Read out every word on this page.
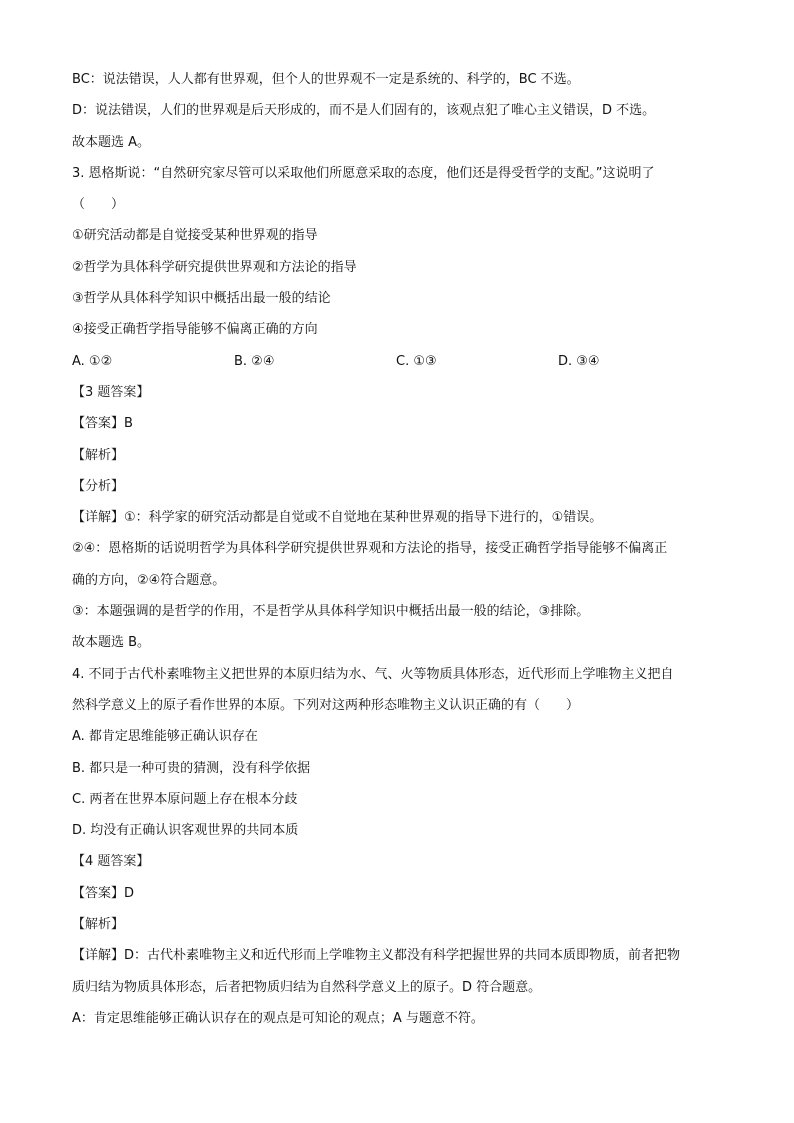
BC：说法错误，人人都有世界观，但个人的世界观不一定是系统的、科学的，BC 不选。
D：说法错误，人们的世界观是后天形成的，而不是人们固有的，该观点犯了唯心主义错误，D 不选。
故本题选 A。
3. 恩格斯说：“自然研究家尽管可以采取他们所愿意采取的态度，他们还是得受哲学的支配。”这说明了
（　　）
①研究活动都是自觉接受某种世界观的指导
②哲学为具体科学研究提供世界观和方法论的指导
③哲学从具体科学知识中概括出最一般的结论
④接受正确哲学指导能够不偏离正确的方向
A. ①②	B. ②④	C. ①③	D. ③④
【3 题答案】
【答案】B
【解析】
【分析】
【详解】①：科学家的研究活动都是自觉或不自觉地在某种世界观的指导下进行的，①错误。
②④：恩格斯的话说明哲学为具体科学研究提供世界观和方法论的指导，接受正确哲学指导能够不偏离正
确的方向，②④符合题意。
③：本题强调的是哲学的作用，不是哲学从具体科学知识中概括出最一般的结论，③排除。
故本题选 B。
4. 不同于古代朴素唯物主义把世界的本原归结为水、气、火等物质具体形态，近代形而上学唯物主义把自
然科学意义上的原子看作世界的本原。下列对这两种形态唯物主义认识正确的有（　　）
A. 都肯定思维能够正确认识存在
B. 都只是一种可贵的猜测，没有科学依据
C. 两者在世界本原问题上存在根本分歧
D. 均没有正确认识客观世界的共同本质
【4 题答案】
【答案】D
【解析】
【详解】D：古代朴素唯物主义和近代形而上学唯物主义都没有科学把握世界的共同本质即物质，前者把物
质归结为物质具体形态，后者把物质归结为自然科学意义上的原子。D 符合题意。
A：肯定思维能够正确认识存在的观点是可知论的观点；A 与题意不符。
